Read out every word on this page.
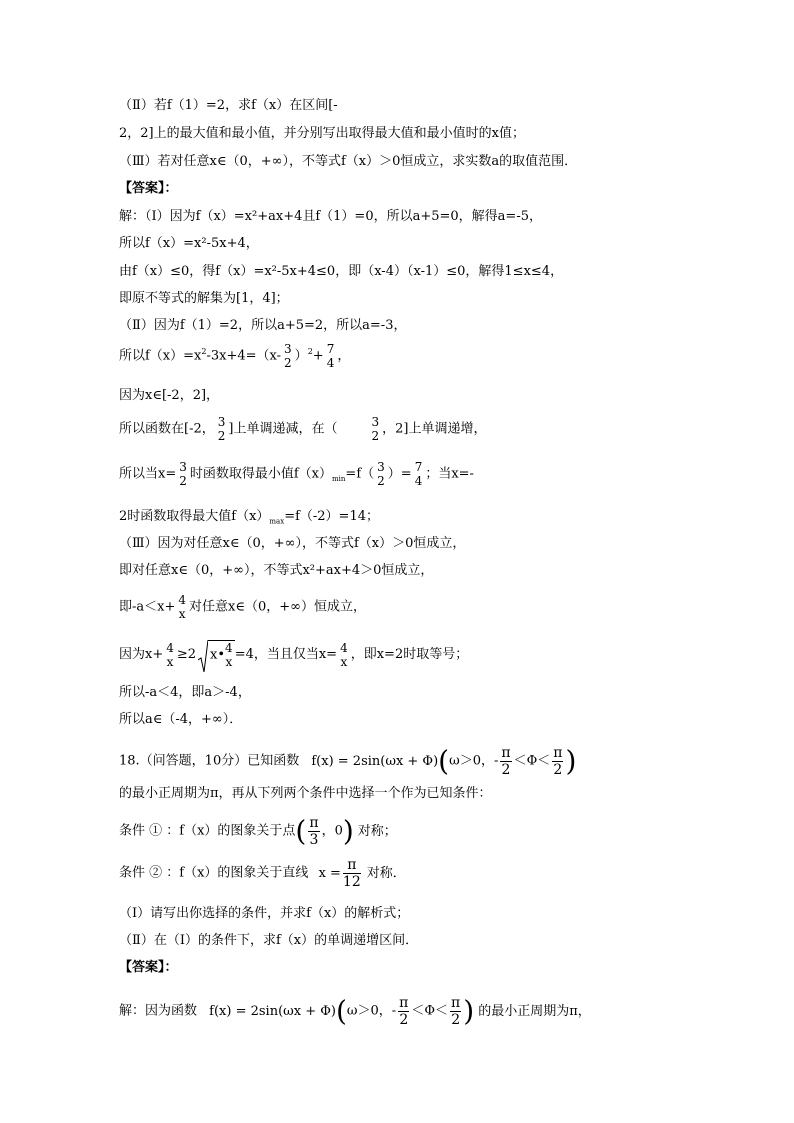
（Ⅱ）若f（1）=2，求f（x）在区间[-
2，2]上的最大值和最小值，并分别写出取得最大值和最小值时的x值；
（Ⅲ）若对任意x∈（0，+∞），不等式f（x）＞0恒成立，求实数a的取值范围．
【答案】：
解：（Ⅰ）因为f（x）=x²+ax+4且f（1）=0，所以a+5=0，解得a=-5，
所以f（x）=x²-5x+4，
由f（x）≤0，得f（x）=x²-5x+4≤0，即（x-4）（x-1）≤0，解得1≤x≤4，
即原不等式的解集为[1，4]；
（Ⅱ）因为f（1）=2，所以a+5=2，所以a=-3，
所以$f(x)=x^2-3x+4=(x-$ 3
2 ）$^2$+ 7
4 ，
因为x∈[-2，2]，
所以函数在[-2， 3
2 ]上单调递减，在（	3
2 ，2]上单调递增，
所以当x= 3
2 时函数取得最小值$f(x)_{min}=f$（ 3
2 ）= 7
4 ；当x=-
2时函数取得最大值$f(x)_{max}=f(-2)=14$；
（Ⅲ）因为对任意x∈（0，+∞），不等式f（x）＞0恒成立，
即对任意x∈（0，+∞），不等式x²+ax+4＞0恒成立，
即-a＜x+ 4
x 对任意x∈（0，+∞）恒成立，
因为x+ 4
x ≥2 x• 4
x =4，当且仅当x= 4
x ，即x=2时取等号；
所以-a＜4，即a＞-4，
所以a∈（-4，+∞）．
18.（问答题，10分）已知函数 f(x) = 2sin(ωx + Φ)(ω＞0，- $\frac{\pi}{2} <\Phi< \frac{\pi}{2}$ )
的最小正周期为π，再从下列两个条件中选择一个作为已知条件：
条件 ① ：f（x）的图象关于点( $\frac{\pi}{3}$ ，0) 对称；
条件 ② ：f（x）的图象关于直线 $x = \frac{\pi}{12}$ 对称．
（Ⅰ）请写出你选择的条件，并求f（x）的解析式；
（Ⅱ）在（Ⅰ）的条件下，求f（x）的单调递增区间．
【答案】：
解：因为函数 f(x) = 2sin(ωx + Φ)(ω＞0，- $\frac{\pi}{2} <\Phi< \frac{\pi}{2}$ ) 的最小正周期为π，
